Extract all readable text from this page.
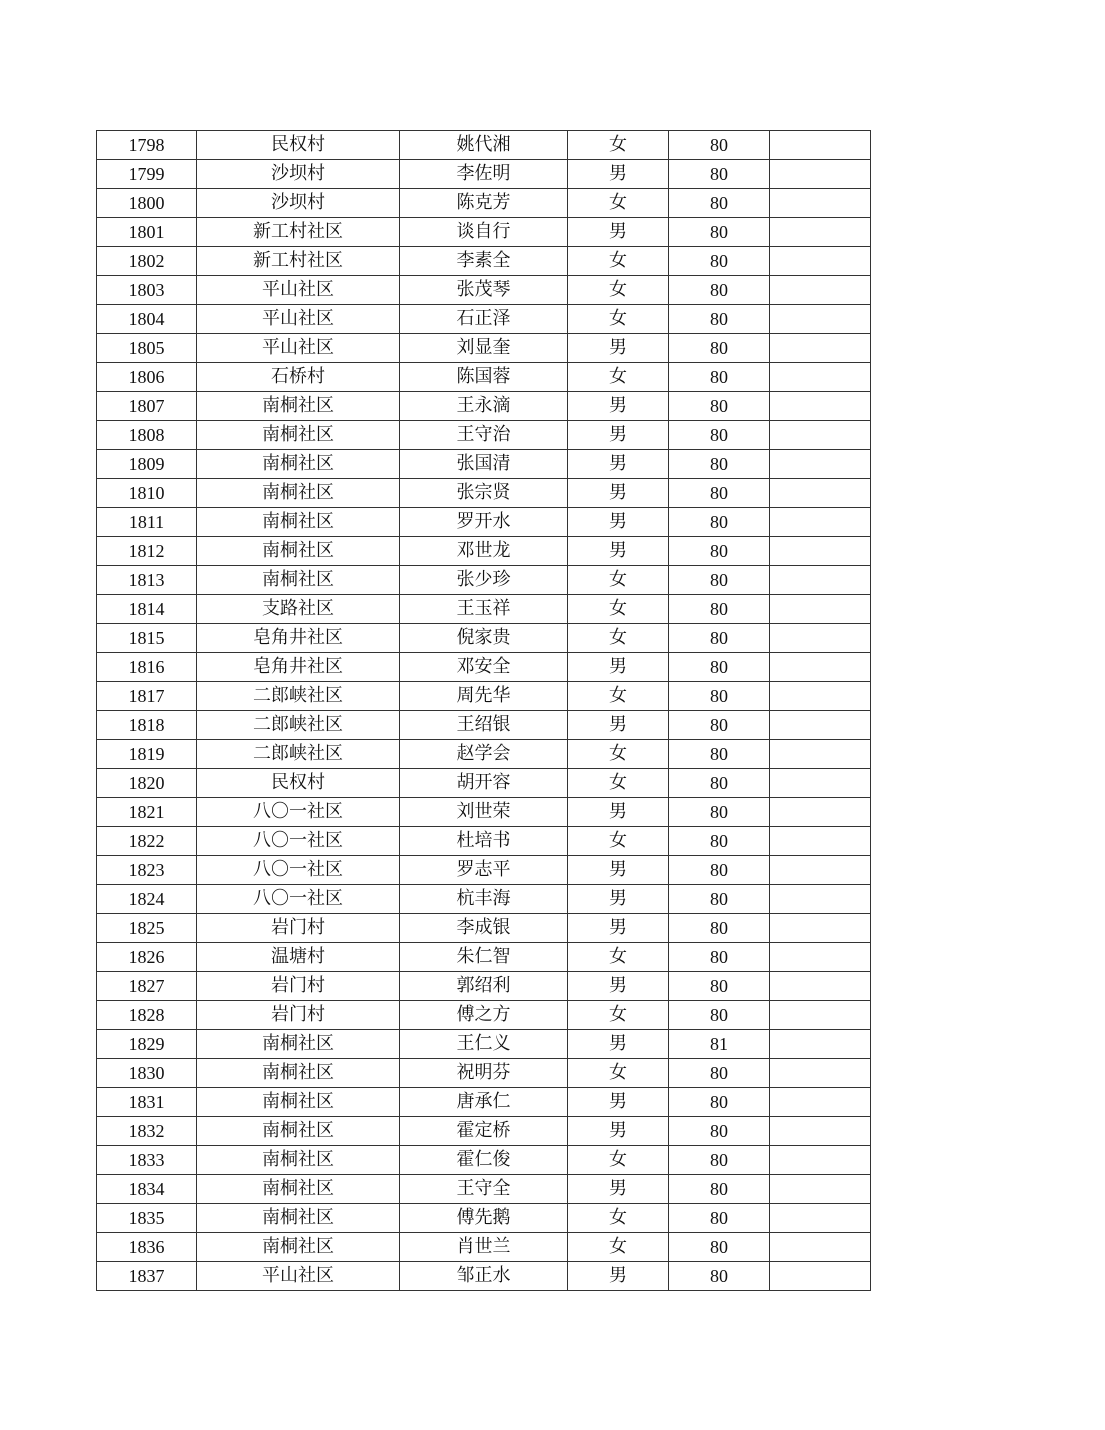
1798	民权村	姚代湘	女	80	
1799	沙坝村	李佐明	男	80	
1800	沙坝村	陈克芳	女	80	
1801	新工村社区	谈自行	男	80	
1802	新工村社区	李素全	女	80	
1803	平山社区	张茂琴	女	80	
1804	平山社区	石正泽	女	80	
1805	平山社区	刘显奎	男	80	
1806	石桥村	陈国蓉	女	80	
1807	南桐社区	王永滴	男	80	
1808	南桐社区	王守治	男	80	
1809	南桐社区	张国清	男	80	
1810	南桐社区	张宗贤	男	80	
1811	南桐社区	罗开水	男	80	
1812	南桐社区	邓世龙	男	80	
1813	南桐社区	张少珍	女	80	
1814	支路社区	王玉祥	女	80	
1815	皂角井社区	倪家贵	女	80	
1816	皂角井社区	邓安全	男	80	
1817	二郎峡社区	周先华	女	80	
1818	二郎峡社区	王绍银	男	80	
1819	二郎峡社区	赵学会	女	80	
1820	民权村	胡开容	女	80	
1821	八〇一社区	刘世荣	男	80	
1822	八〇一社区	杜培书	女	80	
1823	八〇一社区	罗志平	男	80	
1824	八〇一社区	杭丰海	男	80	
1825	岩门村	李成银	男	80	
1826	温塘村	朱仁智	女	80	
1827	岩门村	郭绍利	男	80	
1828	岩门村	傅之方	女	80	
1829	南桐社区	王仁义	男	81	
1830	南桐社区	祝明芬	女	80	
1831	南桐社区	唐承仁	男	80	
1832	南桐社区	霍定桥	男	80	
1833	南桐社区	霍仁俊	女	80	
1834	南桐社区	王守全	男	80	
1835	南桐社区	傅先鹅	女	80	
1836	南桐社区	肖世兰	女	80	
1837	平山社区	邹正水	男	80	
